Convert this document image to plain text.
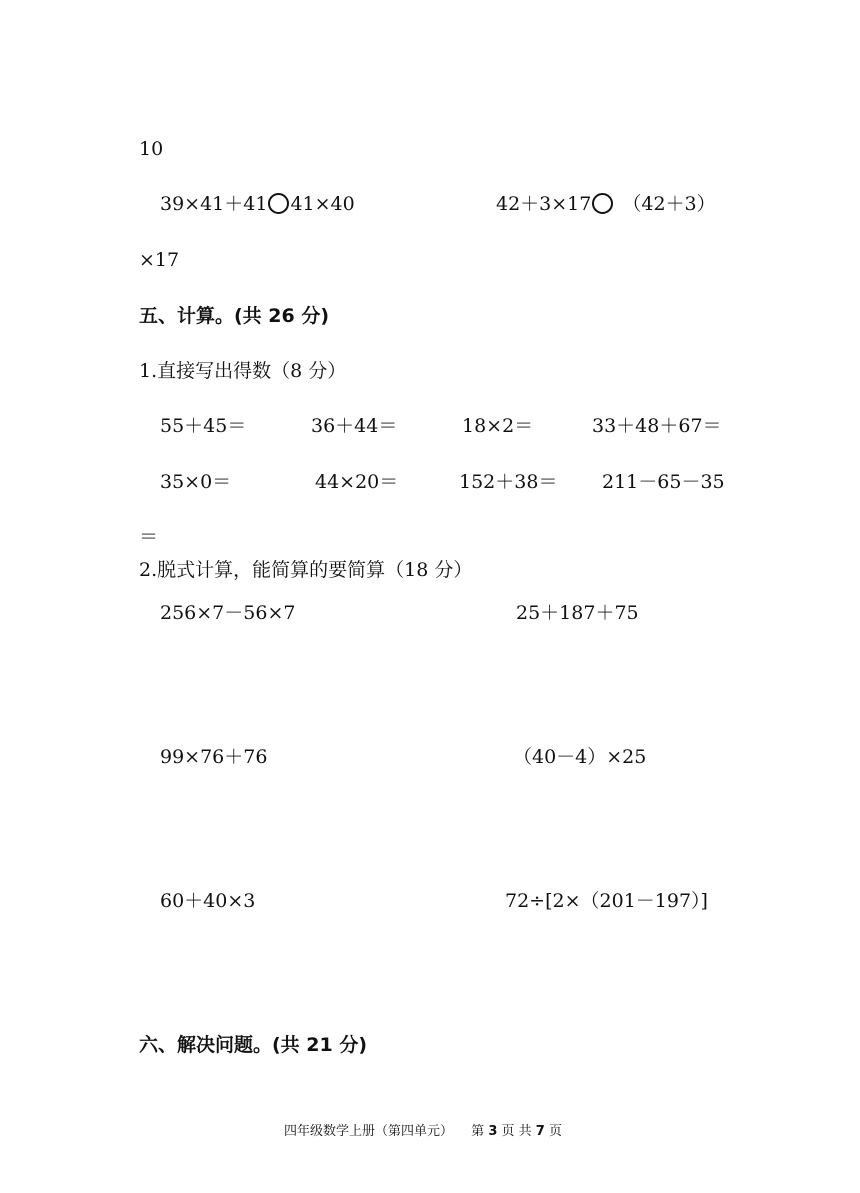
10
39×41＋41 41×40	42＋3×17 （42＋3）
×17
五、计算。(共 26 分)
1.直接写出得数（8 分）
55＋45＝	36＋44＝	18×2＝	33＋48＋67＝
35×0＝	44×20＝	152＋38＝ 211－65－35
＝
2.脱式计算，能简算的要简算（18 分）
256×7－56×7	25＋187＋75
99×76＋76	（40－4）×25
60＋40×3	72÷[2×（201－197）]
六、解决问题。(共 21 分)
四年级数学上册（第四单元） 第 3 页 共 7 页
